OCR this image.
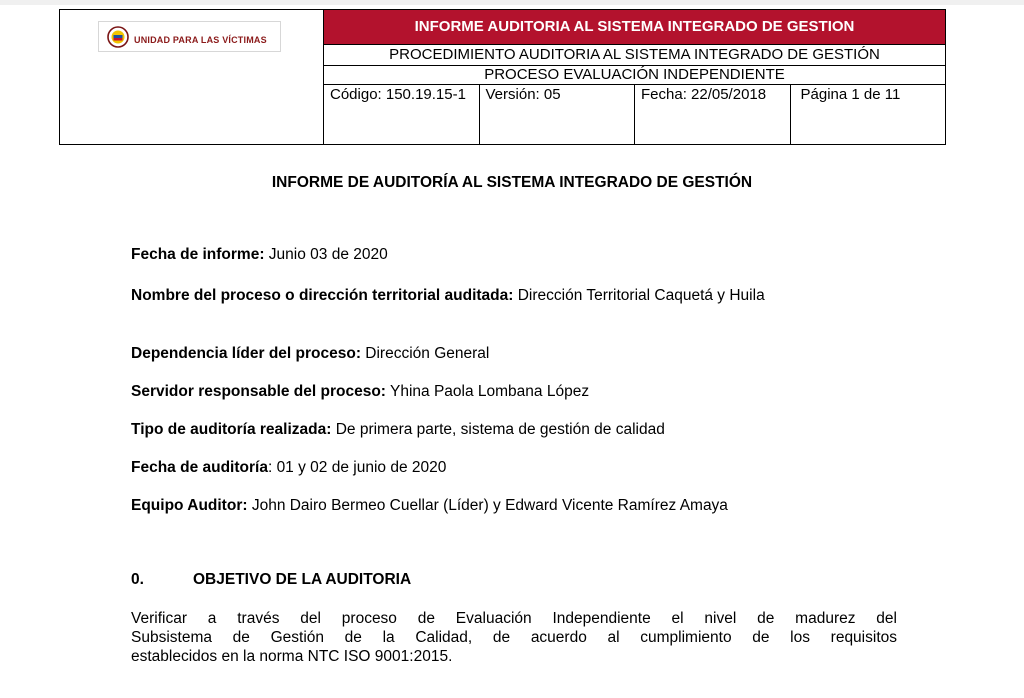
UNIDAD PARA LAS VÍCTIMAS	INFORME AUDITORIA AL SISTEMA INTEGRADO DE GESTION			
	PROCEDIMIENTO AUDITORIA AL SISTEMA INTEGRADO DE GESTIÓN			
	PROCESO EVALUACIÓN INDEPENDIENTE			
	Código: 150.19.15-1	Versión: 05	Fecha: 22/05/2018	Página 1 de 11
INFORME DE AUDITORÍA AL SISTEMA INTEGRADO DE GESTIÓN
Fecha de informe: Junio 03 de 2020
Nombre del proceso o dirección territorial auditada: Dirección Territorial Caquetá y Huila
Dependencia líder del proceso: Dirección General
Servidor responsable del proceso: Yhina Paola Lombana López
Tipo de auditoría realizada: De primera parte, sistema de gestión de calidad
Fecha de auditoría: 01 y 02 de junio de 2020
Equipo Auditor: John Dairo Bermeo Cuellar (Líder) y Edward Vicente Ramírez Amaya
0.	OBJETIVO DE LA AUDITORIA
Verificar a través del proceso de Evaluación Independiente el nivel de madurez del
Subsistema de Gestión de la Calidad, de acuerdo al cumplimiento de los requisitos
establecidos en la norma NTC ISO 9001:2015.
